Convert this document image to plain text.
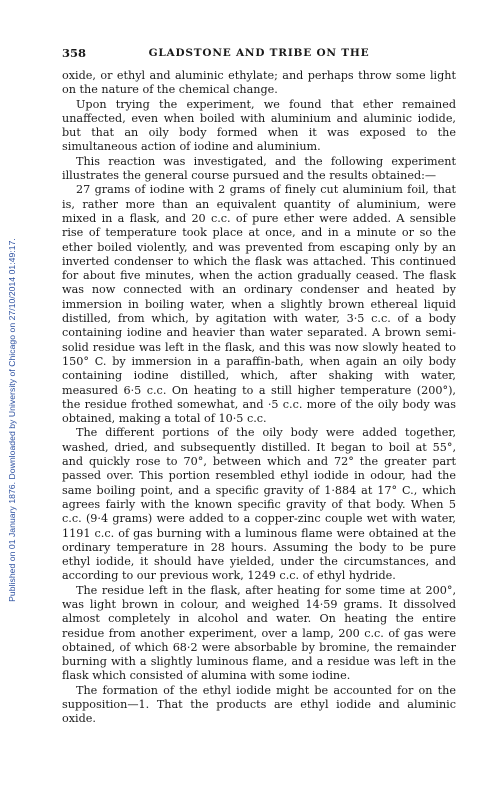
Published on 01 January 1876. Downloaded by University of Chicago on 27/10/2014 01:49:17.
358	GLADSTONE AND TRIBE ON THE

oxide, or ethyl and aluminic ethylate; and perhaps throw some light on the nature of the chemical change.

Upon trying the experiment, we found that ether remained unaffected, even when boiled with aluminium and aluminic iodide, but that an oily body formed when it was exposed to the simultaneous action of iodine and aluminium.

This reaction was investigated, and the following experiment illustrates the general course pursued and the results obtained:—

27 grams of iodine with 2 grams of finely cut aluminium foil, that is, rather more than an equivalent quantity of aluminium, were mixed in a flask, and 20 c.c. of pure ether were added. A sensible rise of temperature took place at once, and in a minute or so the ether boiled violently, and was prevented from escaping only by an inverted condenser to which the flask was attached. This continued for about five minutes, when the action gradually ceased. The flask was now connected with an ordinary condenser and heated by immersion in boiling water, when a slightly brown ethereal liquid distilled, from which, by agitation with water, 3·5 c.c. of a body containing iodine and heavier than water separated. A brown semi-solid residue was left in the flask, and this was now slowly heated to 150° C. by immersion in a paraffin-bath, when again an oily body containing iodine distilled, which, after shaking with water, measured 6·5 c.c. On heating to a still higher temperature (200°), the residue frothed somewhat, and ·5 c.c. more of the oily body was obtained, making a total of 10·5 c.c.

The different portions of the oily body were added together, washed, dried, and subsequently distilled. It began to boil at 55°, and quickly rose to 70°, between which and 72° the greater part passed over. This portion resembled ethyl iodide in odour, had the same boiling point, and a specific gravity of 1·884 at 17° C., which agrees fairly with the known specific gravity of that body. When 5 c.c. (9·4 grams) were added to a copper-zinc couple wet with water, 1191 c.c. of gas burning with a luminous flame were obtained at the ordinary temperature in 28 hours. Assuming the body to be pure ethyl iodide, it should have yielded, under the circumstances, and according to our previous work, 1249 c.c. of ethyl hydride.

The residue left in the flask, after heating for some time at 200°, was light brown in colour, and weighed 14·59 grams. It dissolved almost completely in alcohol and water. On heating the entire residue from another experiment, over a lamp, 200 c.c. of gas were obtained, of which 68·2 were absorbable by bromine, the remainder burning with a slightly luminous flame, and a residue was left in the flask which consisted of alumina with some iodine.

The formation of the ethyl iodide might be accounted for on the supposition—1. That the products are ethyl iodide and aluminic oxide.
